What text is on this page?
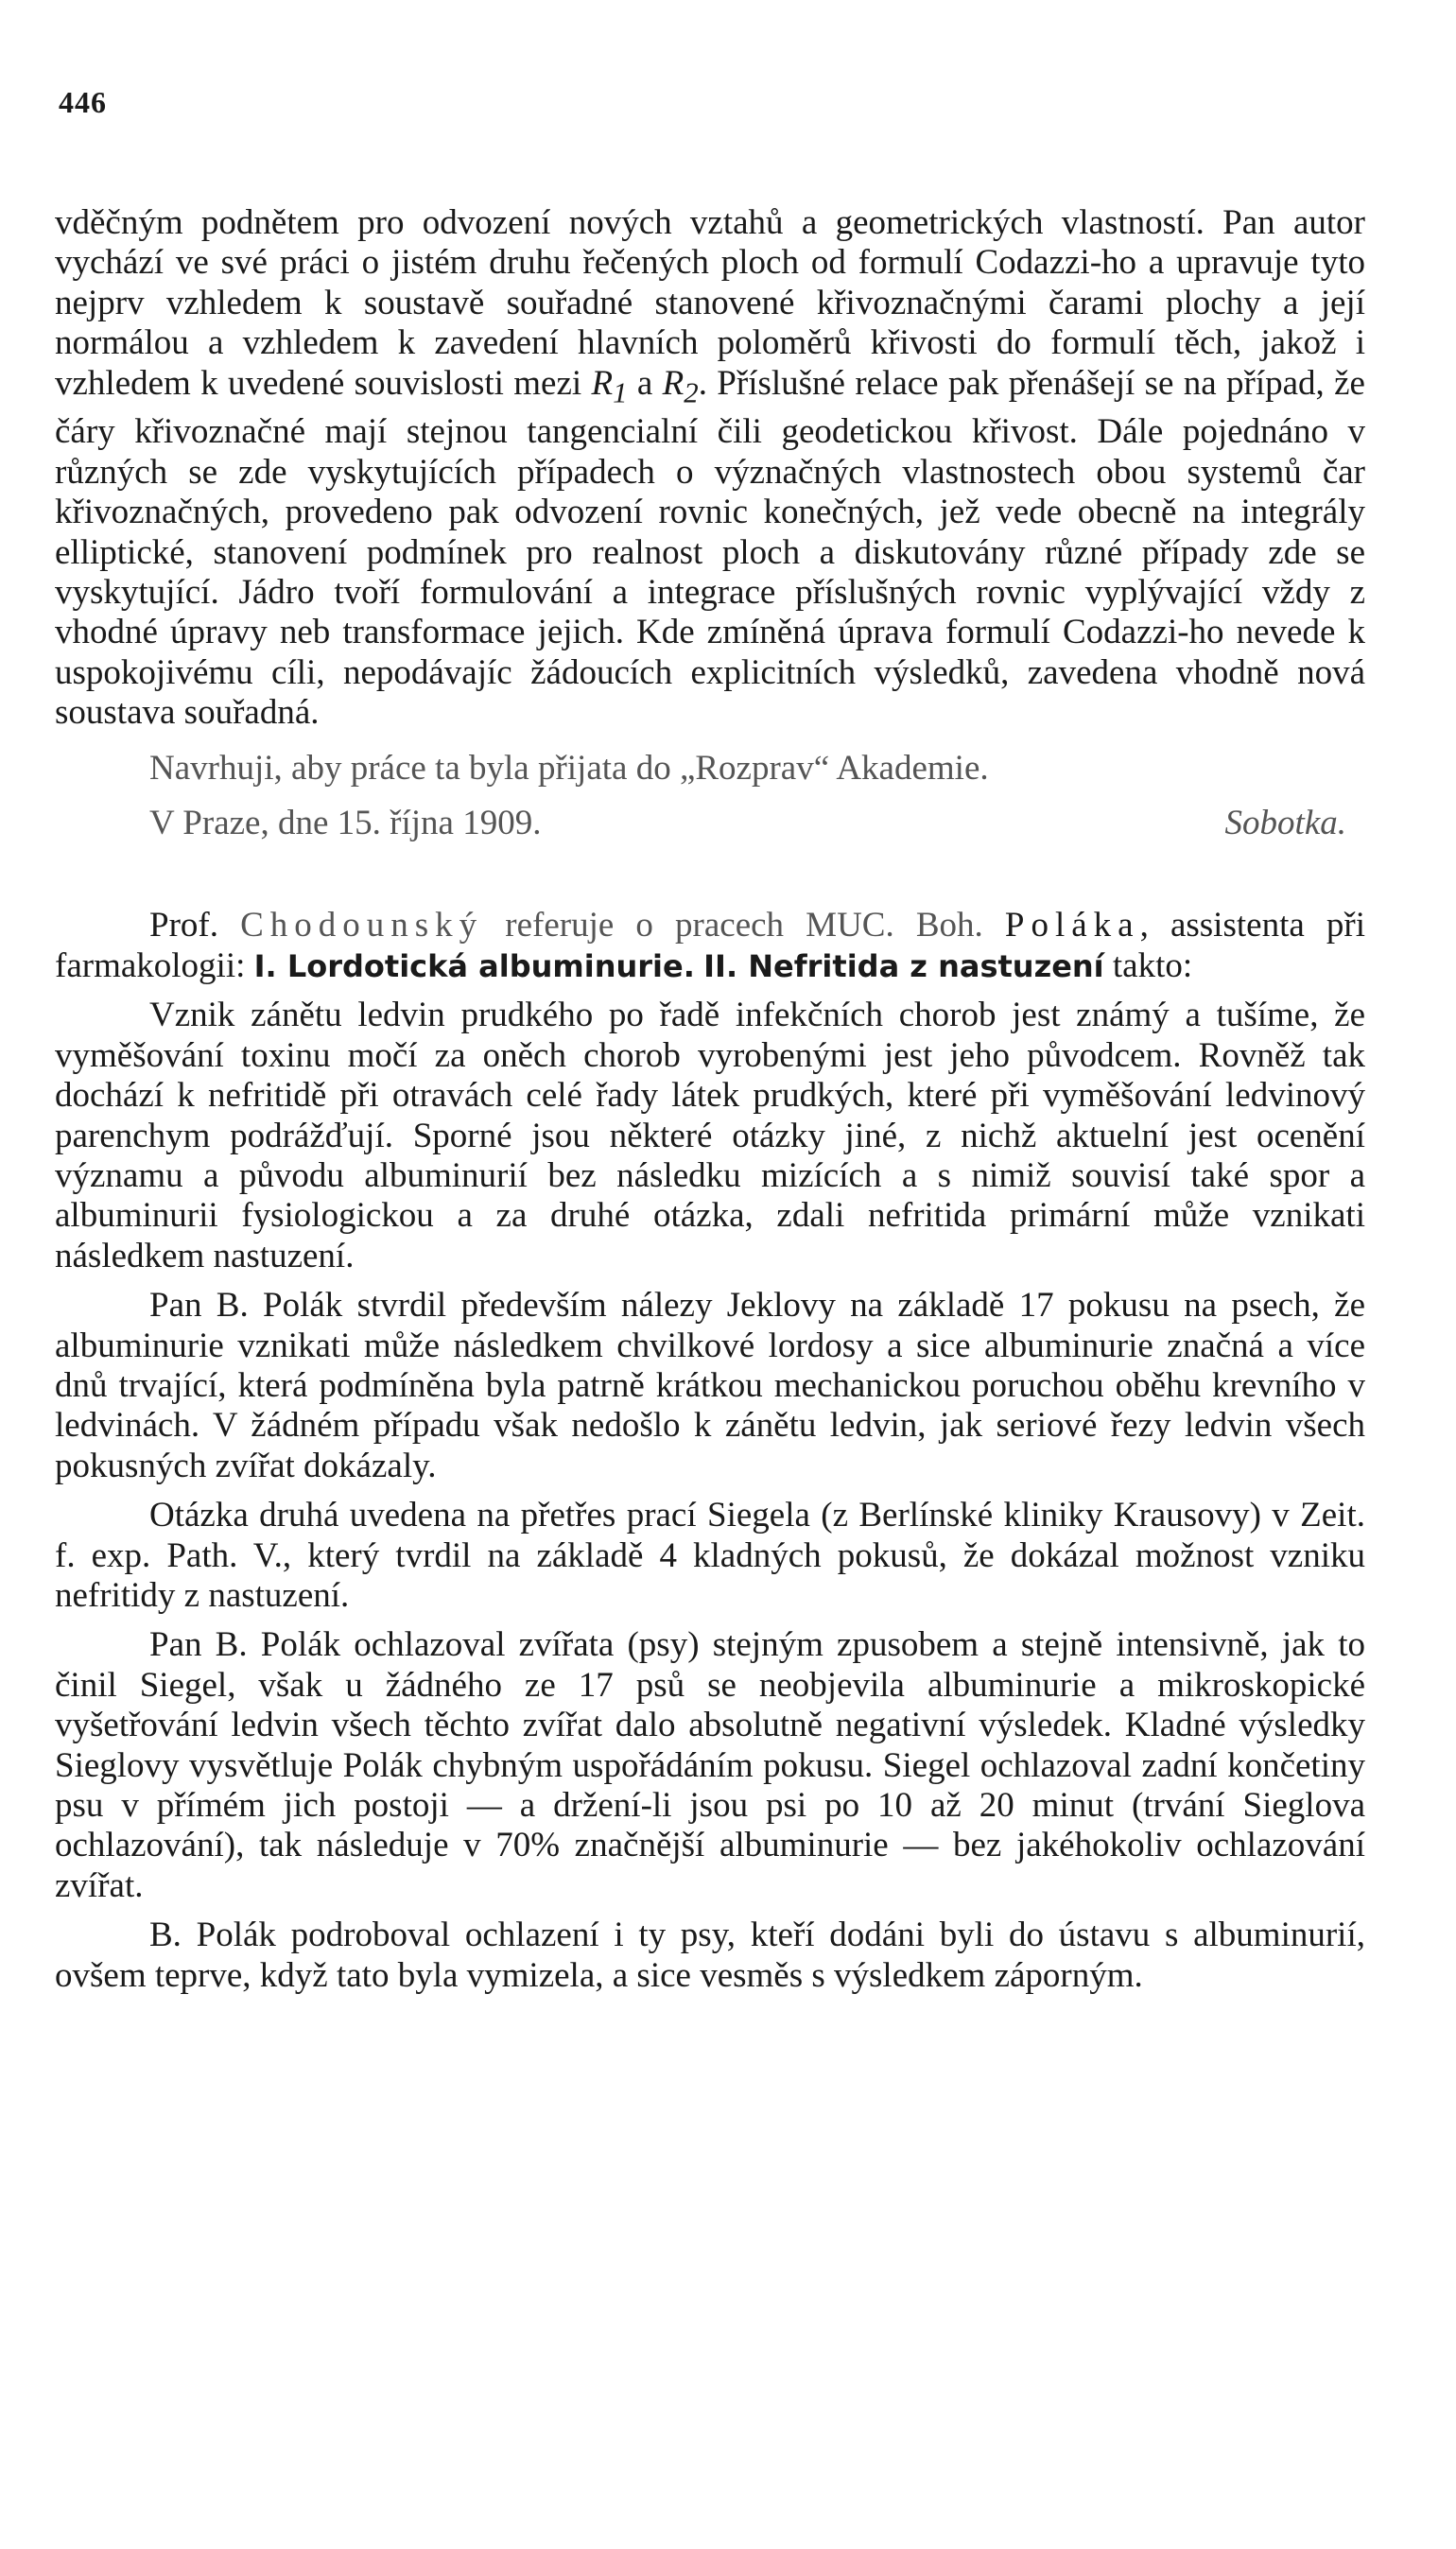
446

vděčným podnětem pro odvození nových vztahů a geometrických vlastností. Pan autor vychází ve své práci o jistém druhu řečených ploch od formulí Codazzi-ho a upravuje tyto nejprv vzhledem k soustavě souřadné stanovené křivoznačnými čarami plochy a její normálou a vzhledem k zavedení hlavních poloměrů křivosti do formulí těch, jakož i vzhledem k uvedené souvislosti mezi $R_1$ a $R_2$. Příslušné relace pak přenášejí se na případ, že čáry křivoznačné mají stejnou tangencialní čili geodetickou křivost. Dále pojednáno v různých se zde vyskytujících případech o význačných vlastnostech obou systemů čar křivoznačných, provedeno pak odvození rovnic konečných, jež vede obecně na integrály elliptické, stanovení podmínek pro realnost ploch a diskutovány různé případy zde se vyskytující. Jádro tvoří formulování a integrace příslušných rovnic vyplývající vždy z vhodné úpravy neb transformace jejich. Kde zmíněná úprava formulí Codazzi-ho nevede k uspokojivému cíli, nepodávajíc žádoucích explicitních výsledků, zavedena vhodně nová soustava souřadná.

Navrhuji, aby práce ta byla přijata do „Rozprav“ Akademie.

V Praze, dne 15. října 1909.	Sobotka.

Prof. Chodounský referuje o pracech MUC. Boh. Poláka, assistenta při farmakologii: I. Lordotická albuminurie. II. Nefritida z nastuzení takto:

Vznik zánětu ledvin prudkého po řadě infekčních chorob jest známý a tušíme, že vyměšování toxinu močí za oněch chorob vyrobenými jest jeho původcem. Rovněž tak dochází k nefritidě při otravách celé řady látek prudkých, které při vyměšování ledvinový parenchym podrážďují. Sporné jsou některé otázky jiné, z nichž aktuelní jest ocenění významu a původu albuminurií bez následku mizících a s nimiž souvisí také spor a albuminurii fysiologickou a za druhé otázka, zdali nefritida primární může vznikati následkem nastuzení.

Pan B. Polák stvrdil především nálezy Jeklovy na základě 17 pokusu na psech, že albuminurie vznikati může následkem chvilkové lordosy a sice albuminurie značná a více dnů trvající, která podmíněna byla patrně krátkou mechanickou poruchou oběhu krevního v ledvinách. V žádném případu však nedošlo k zánětu ledvin, jak seriové řezy ledvin všech pokusných zvířat dokázaly.

Otázka druhá uvedena na přetřes prací Siegela (z Berlínské kliniky Krausovy) v Zeit. f. exp. Path. V., který tvrdil na základě 4 kladných pokusů, že dokázal možnost vzniku nefritidy z nastuzení.

Pan B. Polák ochlazoval zvířata (psy) stejným zpusobem a stejně intensivně, jak to činil Siegel, však u žádného ze 17 psů se neobjevila albuminurie a mikroskopické vyšetřování ledvin všech těchto zvířat dalo absolutně negativní výsledek. Kladné výsledky Sieglovy vysvětluje Polák chybným uspořádáním pokusu. Siegel ochlazoval zadní končetiny psu v přímém jich postoji — a držení-li jsou psi po 10 až 20 minut (trvání Sieglova ochlazování), tak následuje v 70% značnější albuminurie — bez jakéhokoliv ochlazování zvířat.

B. Polák podroboval ochlazení i ty psy, kteří dodáni byli do ústavu s albuminurií, ovšem teprve, když tato byla vymizela, a sice vesměs s výsledkem záporným.
